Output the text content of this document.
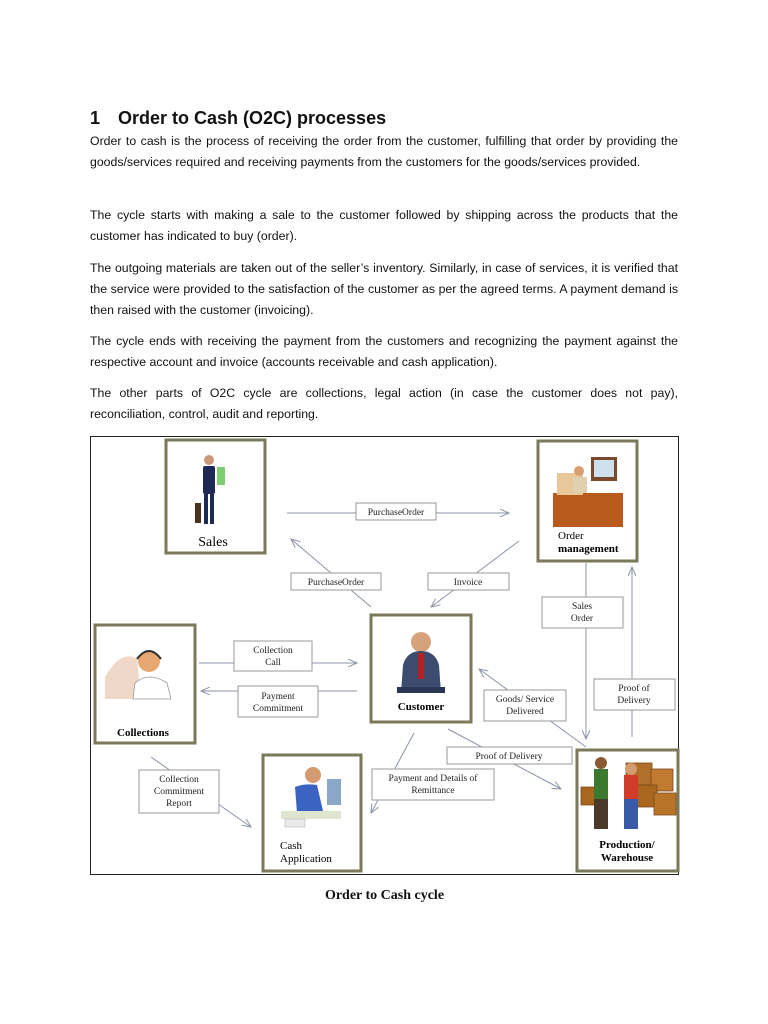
1 Order to Cash (O2C) processes

Order to cash is the process of receiving the order from the customer, fulfilling that order by providing the goods/services required and receiving payments from the customers for the goods/services provided.

The cycle starts with making a sale to the customer followed by shipping across the products that the customer has indicated to buy (order).

The outgoing materials are taken out of the seller’s inventory. Similarly, in case of services, it is verified that the service were provided to the satisfaction of the customer as per the agreed terms. A payment demand is then raised with the customer (invoicing).

The cycle ends with receiving the payment from the customers and recognizing the payment against the respective account and invoice (accounts receivable and cash application).

The other parts of O2C cycle are collections, legal action (in case the customer does not pay), reconciliation, control, audit and reporting.

Sales	Order
management
Customer
Collections
Cash
Application
Production/
Warehouse
PurchaseOrder
PurchaseOrder	Invoice
Sales
Order
Collection
Call
Payment
Commitment
Proof of
Delivery
Goods/ Service
Delivered
Proof of Delivery
Payment and Details of
Remittance
Collection
Commitment
Report
Order to Cash cycle
